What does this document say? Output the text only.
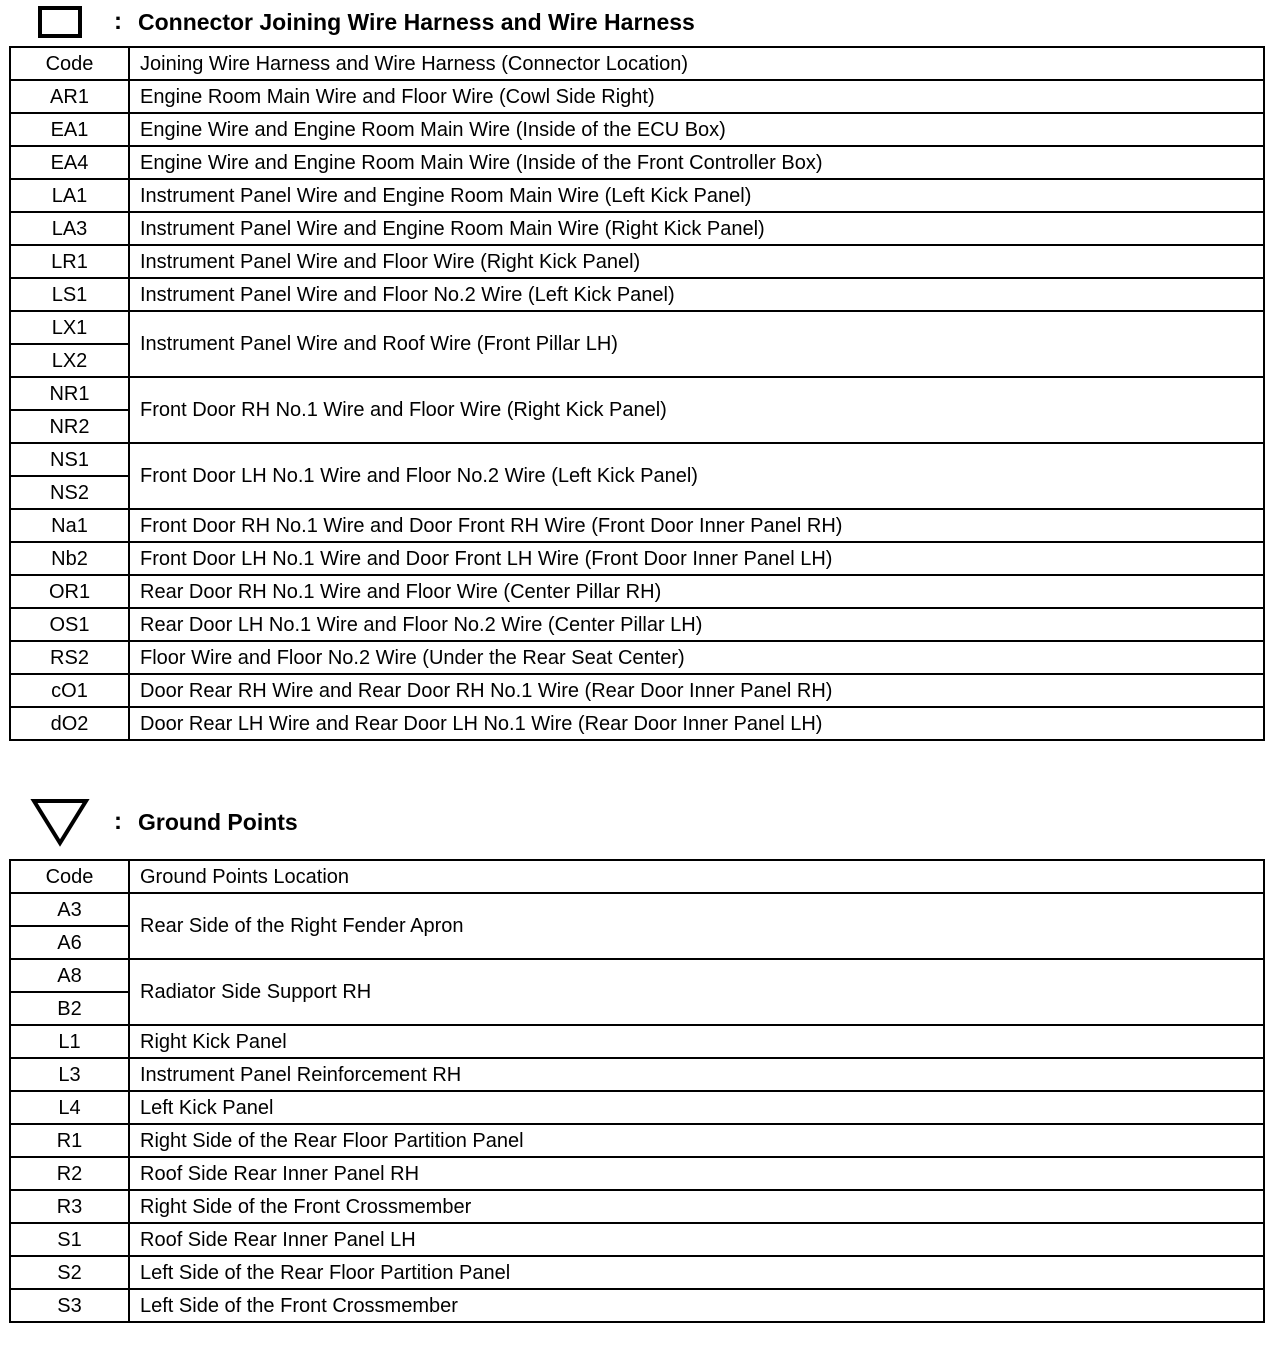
: Connector Joining Wire Harness and Wire Harness
Code	Joining Wire Harness and Wire Harness (Connector Location)
AR1	Engine Room Main Wire and Floor Wire (Cowl Side Right)
EA1	Engine Wire and Engine Room Main Wire (Inside of the ECU Box)
EA4	Engine Wire and Engine Room Main Wire (Inside of the Front Controller Box)
LA1	Instrument Panel Wire and Engine Room Main Wire (Left Kick Panel)
LA3	Instrument Panel Wire and Engine Room Main Wire (Right Kick Panel)
LR1	Instrument Panel Wire and Floor Wire (Right Kick Panel)
LS1	Instrument Panel Wire and Floor No.2 Wire (Left Kick Panel)
LX1	Instrument Panel Wire and Roof Wire (Front Pillar LH)
LX2	
NR1	Front Door RH No.1 Wire and Floor Wire (Right Kick Panel)
NR2	
NS1	Front Door LH No.1 Wire and Floor No.2 Wire (Left Kick Panel)
NS2	
Na1	Front Door RH No.1 Wire and Door Front RH Wire (Front Door Inner Panel RH)
Nb2	Front Door LH No.1 Wire and Door Front LH Wire (Front Door Inner Panel LH)
OR1	Rear Door RH No.1 Wire and Floor Wire (Center Pillar RH)
OS1	Rear Door LH No.1 Wire and Floor No.2 Wire (Center Pillar LH)
RS2	Floor Wire and Floor No.2 Wire (Under the Rear Seat Center)
cO1	Door Rear RH Wire and Rear Door RH No.1 Wire (Rear Door Inner Panel RH)
dO2	Door Rear LH Wire and Rear Door LH No.1 Wire (Rear Door Inner Panel LH)
: Ground Points
Code	Ground Points Location
A3	Rear Side of the Right Fender Apron
A6	
A8	Radiator Side Support RH
B2	
L1	Right Kick Panel
L3	Instrument Panel Reinforcement RH
L4	Left Kick Panel
R1	Right Side of the Rear Floor Partition Panel
R2	Roof Side Rear Inner Panel RH
R3	Right Side of the Front Crossmember
S1	Roof Side Rear Inner Panel LH
S2	Left Side of the Rear Floor Partition Panel
S3	Left Side of the Front Crossmember
